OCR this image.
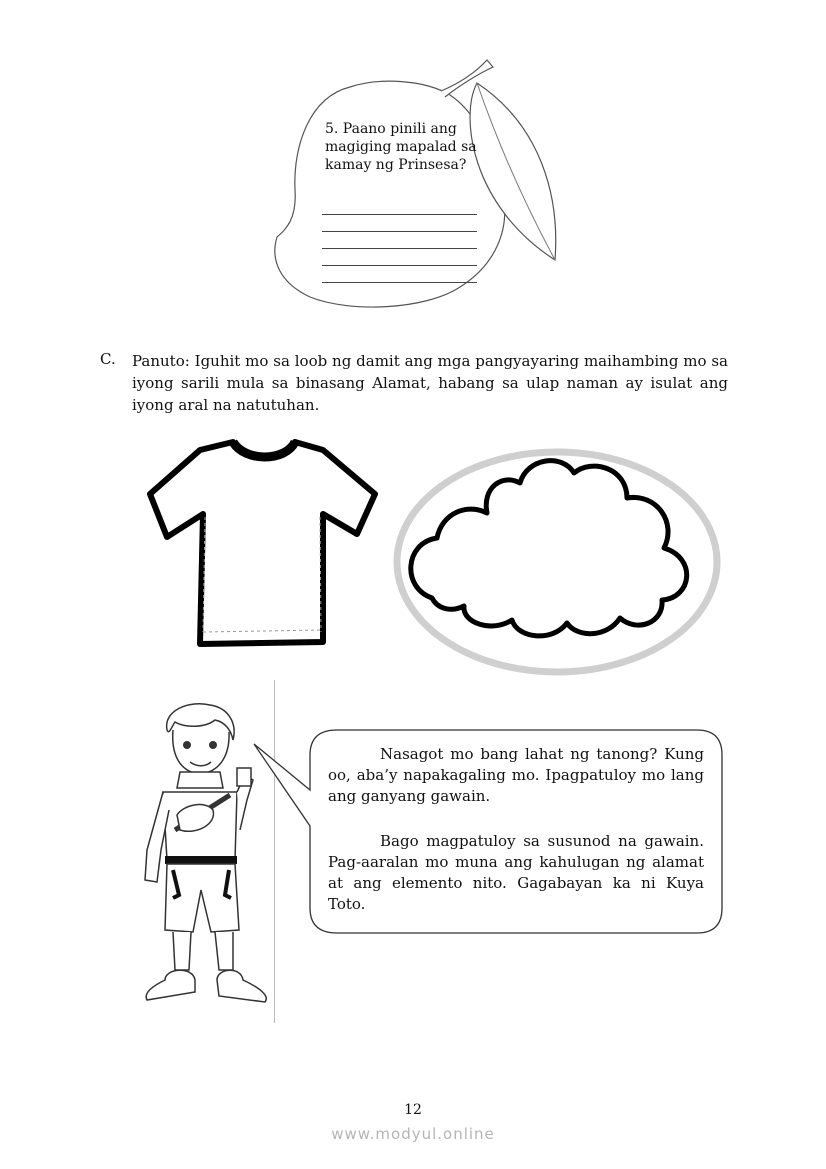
5. Paano pinili ang magiging mapalad sa kamay ng Prinsesa?
C. Panuto: Iguhit mo sa loob ng damit ang mga pangyayaring maihambing mo sa iyong sarili mula sa binasang Alamat, habang sa ulap naman ay isulat ang iyong aral na natutuhan.

Nasagot mo bang lahat ng tanong? Kung oo, aba’y napakagaling mo. Ipagpatuloy mo lang ang ganyang gawain.

Bago magpatuloy sa susunod na gawain. Pag-aaralan mo muna ang kahulugan ng alamat at ang elemento nito. Gagabayan ka ni Kuya Toto.

12
www.modyul.online
